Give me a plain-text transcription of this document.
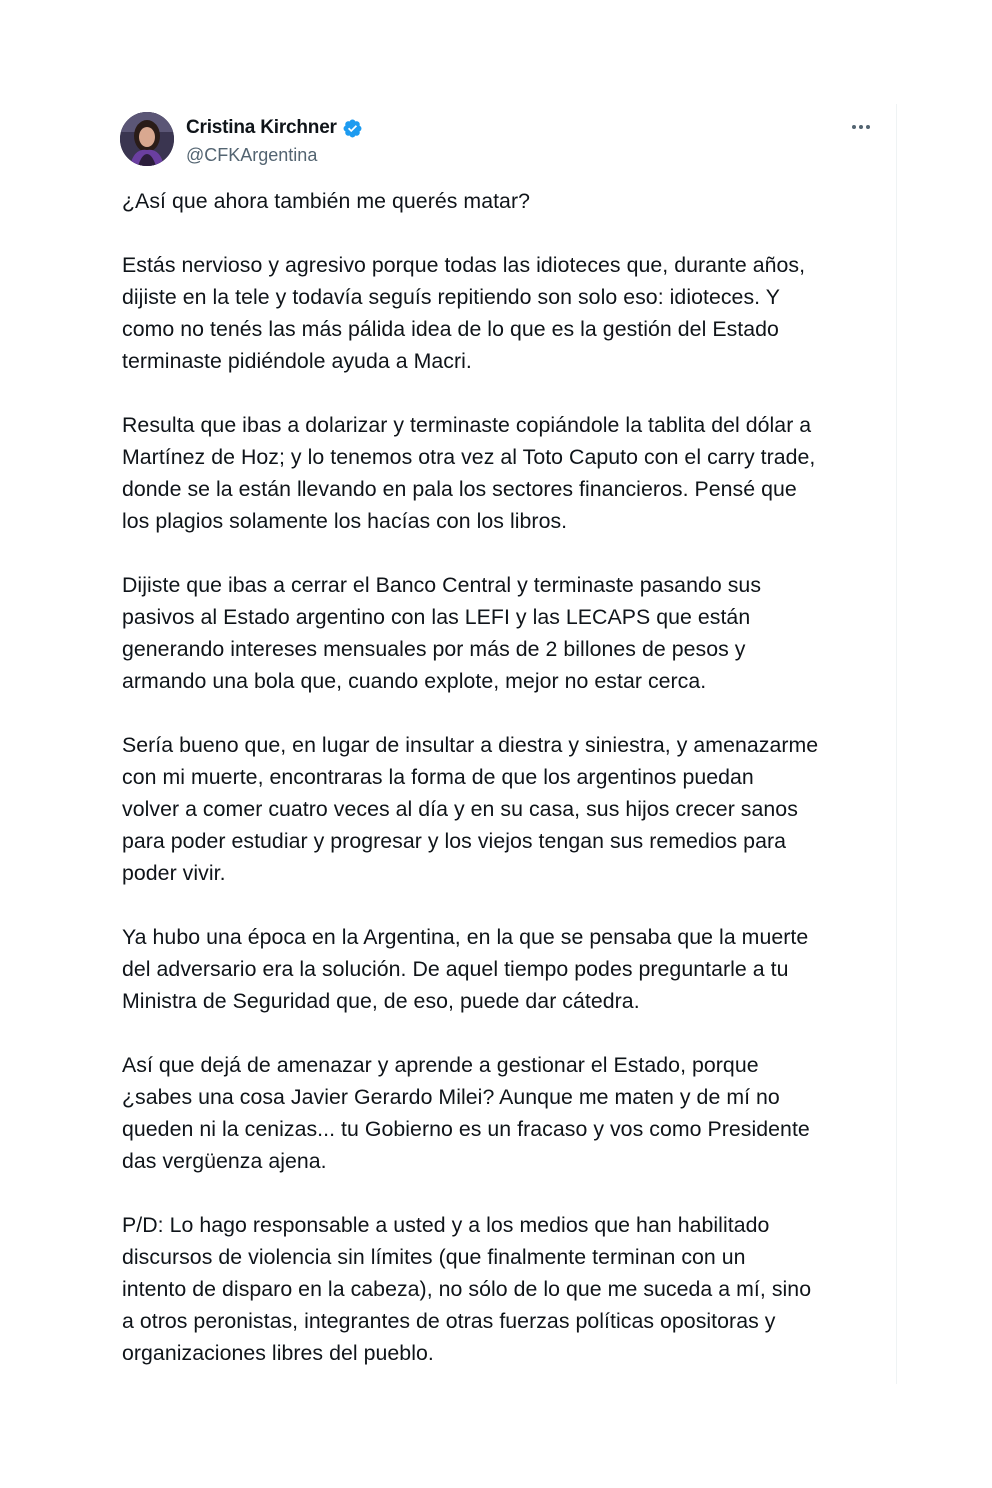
Cristina Kirchner
@CFKArgentina

¿Así que ahora también me querés matar?

Estás nervioso y agresivo porque todas las idioteces que, durante años,
dijiste en la tele y todavía seguís repitiendo son solo eso: idioteces. Y
como no tenés las más pálida idea de lo que es la gestión del Estado
terminaste pidiéndole ayuda a Macri.

Resulta que ibas a dolarizar y terminaste copiándole la tablita del dólar a
Martínez de Hoz; y lo tenemos otra vez al Toto Caputo con el carry trade,
donde se la están llevando en pala los sectores financieros. Pensé que
los plagios solamente los hacías con los libros.

Dijiste que ibas a cerrar el Banco Central y terminaste pasando sus
pasivos al Estado argentino con las LEFI y las LECAPS que están
generando intereses mensuales por más de 2 billones de pesos y
armando una bola que, cuando explote, mejor no estar cerca.

Sería bueno que, en lugar de insultar a diestra y siniestra, y amenazarme
con mi muerte, encontraras la forma de que los argentinos puedan
volver a comer cuatro veces al día y en su casa, sus hijos crecer sanos
para poder estudiar y progresar y los viejos tengan sus remedios para
poder vivir.

Ya hubo una época en la Argentina, en la que se pensaba que la muerte
del adversario era la solución. De aquel tiempo podes preguntarle a tu
Ministra de Seguridad que, de eso, puede dar cátedra.

Así que dejá de amenazar y aprende a gestionar el Estado, porque
¿sabes una cosa Javier Gerardo Milei? Aunque me maten y de mí no
queden ni la cenizas... tu Gobierno es un fracaso y vos como Presidente
das vergüenza ajena.

P/D: Lo hago responsable a usted y a los medios que han habilitado
discursos de violencia sin límites (que finalmente terminan con un
intento de disparo en la cabeza), no sólo de lo que me suceda a mí, sino
a otros peronistas, integrantes de otras fuerzas políticas opositoras y
organizaciones libres del pueblo.
